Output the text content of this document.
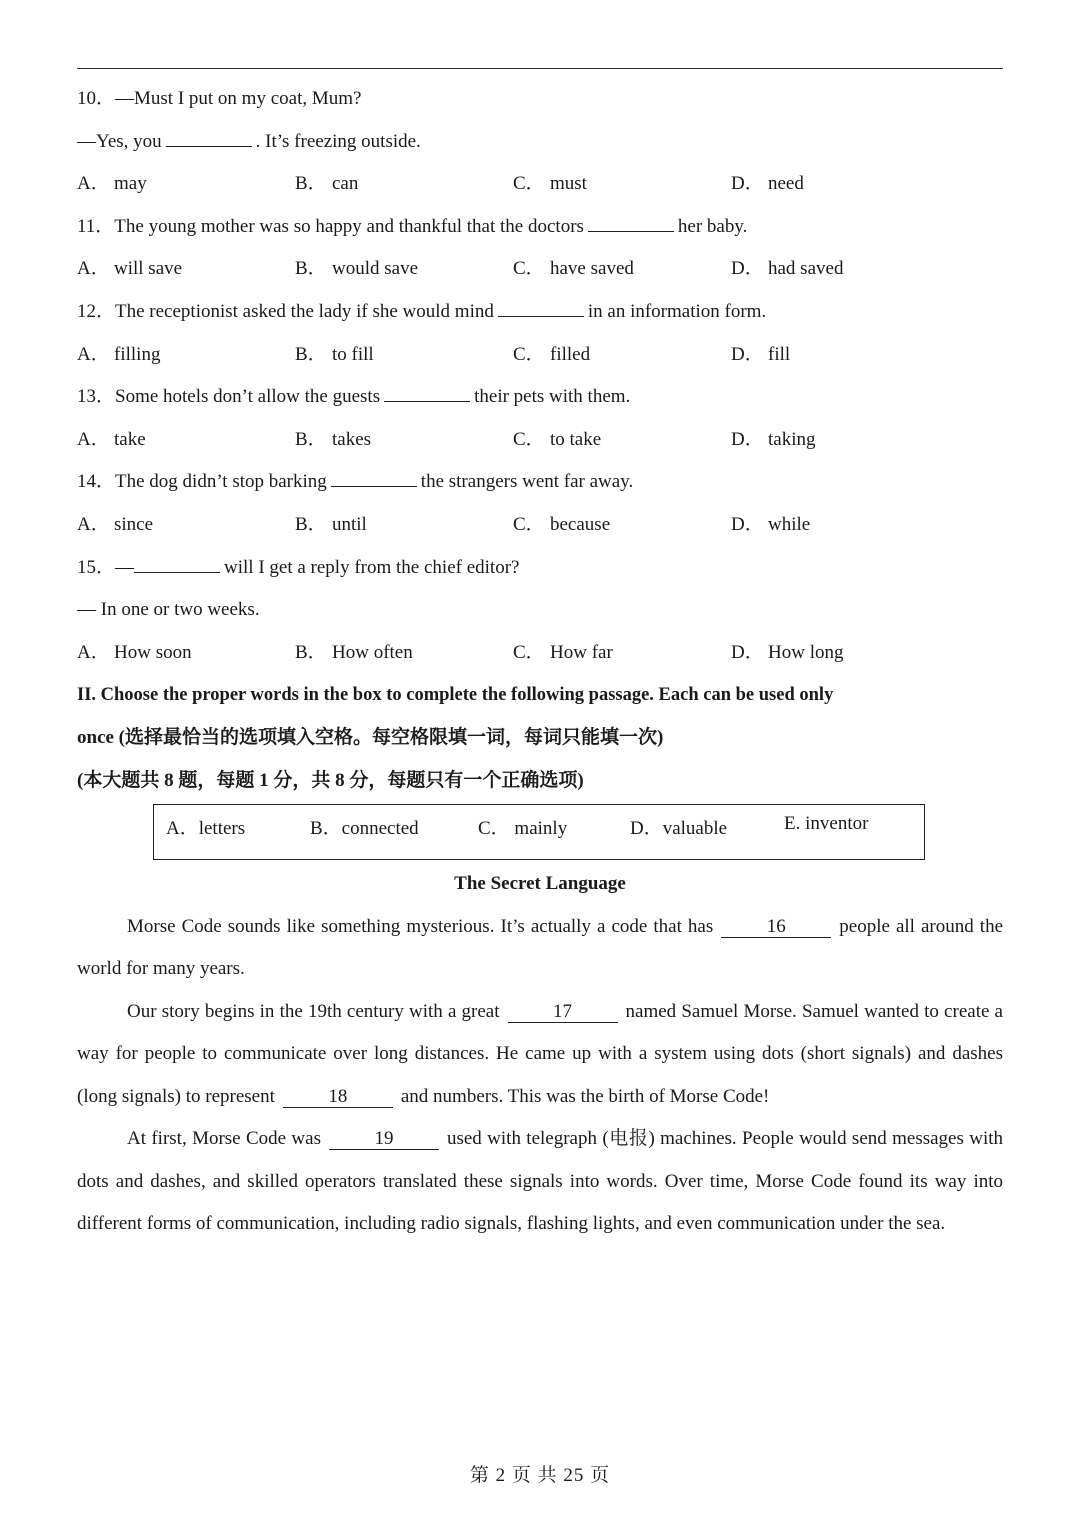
10．—Must I put on my coat, Mum?
—Yes, you	. It’s freezing outside.
A． may	B． can	C． must	D． need
11．The young mother was so happy and thankful that the doctors	her baby.
A． will save	B． would save	C． have saved	D． had saved
12．The receptionist asked the lady if she would mind	in an information form.
A． filling	B． to fill	C． filled	D． fill
13．Some hotels don’t allow the guests	their pets with them.
A． take	B． takes	C． to take	D． taking
14．The dog didn’t stop barking	the strangers went far away.
A． since	B． until	C． because	D． while
15．—	will I get a reply from the chief editor?
— In one or two weeks.
A． How soon	B． How often	C． How far	D． How long
II. Choose the proper words in the box to complete the following passage. Each can be used only
once (选择最恰当的选项填入空格。每空格限填一词，每词只能填一次)
(本大题共 8 题，每题 1 分，共 8 分，每题只有一个正确选项)
A．letters	B．connected	C． mainly	D．valuable	E. inventor
The Secret Language

Morse Code sounds like something mysterious. It’s actually a code that has	16	people all around the world for many years.

Our story begins in the 19th century with a great	17	named Samuel Morse. Samuel wanted to create a way for people to communicate over long distances. He came up with a system using dots (short signals) and dashes (long signals) to represent	18	and numbers. This was the birth of Morse Code!

At first, Morse Code was	19	used with telegraph (电报) machines. People would send messages with dots and dashes, and skilled operators translated these signals into words. Over time, Morse Code found its way into different forms of communication, including radio signals, flashing lights, and even communication under the sea.

第 2 页 共 25 页
